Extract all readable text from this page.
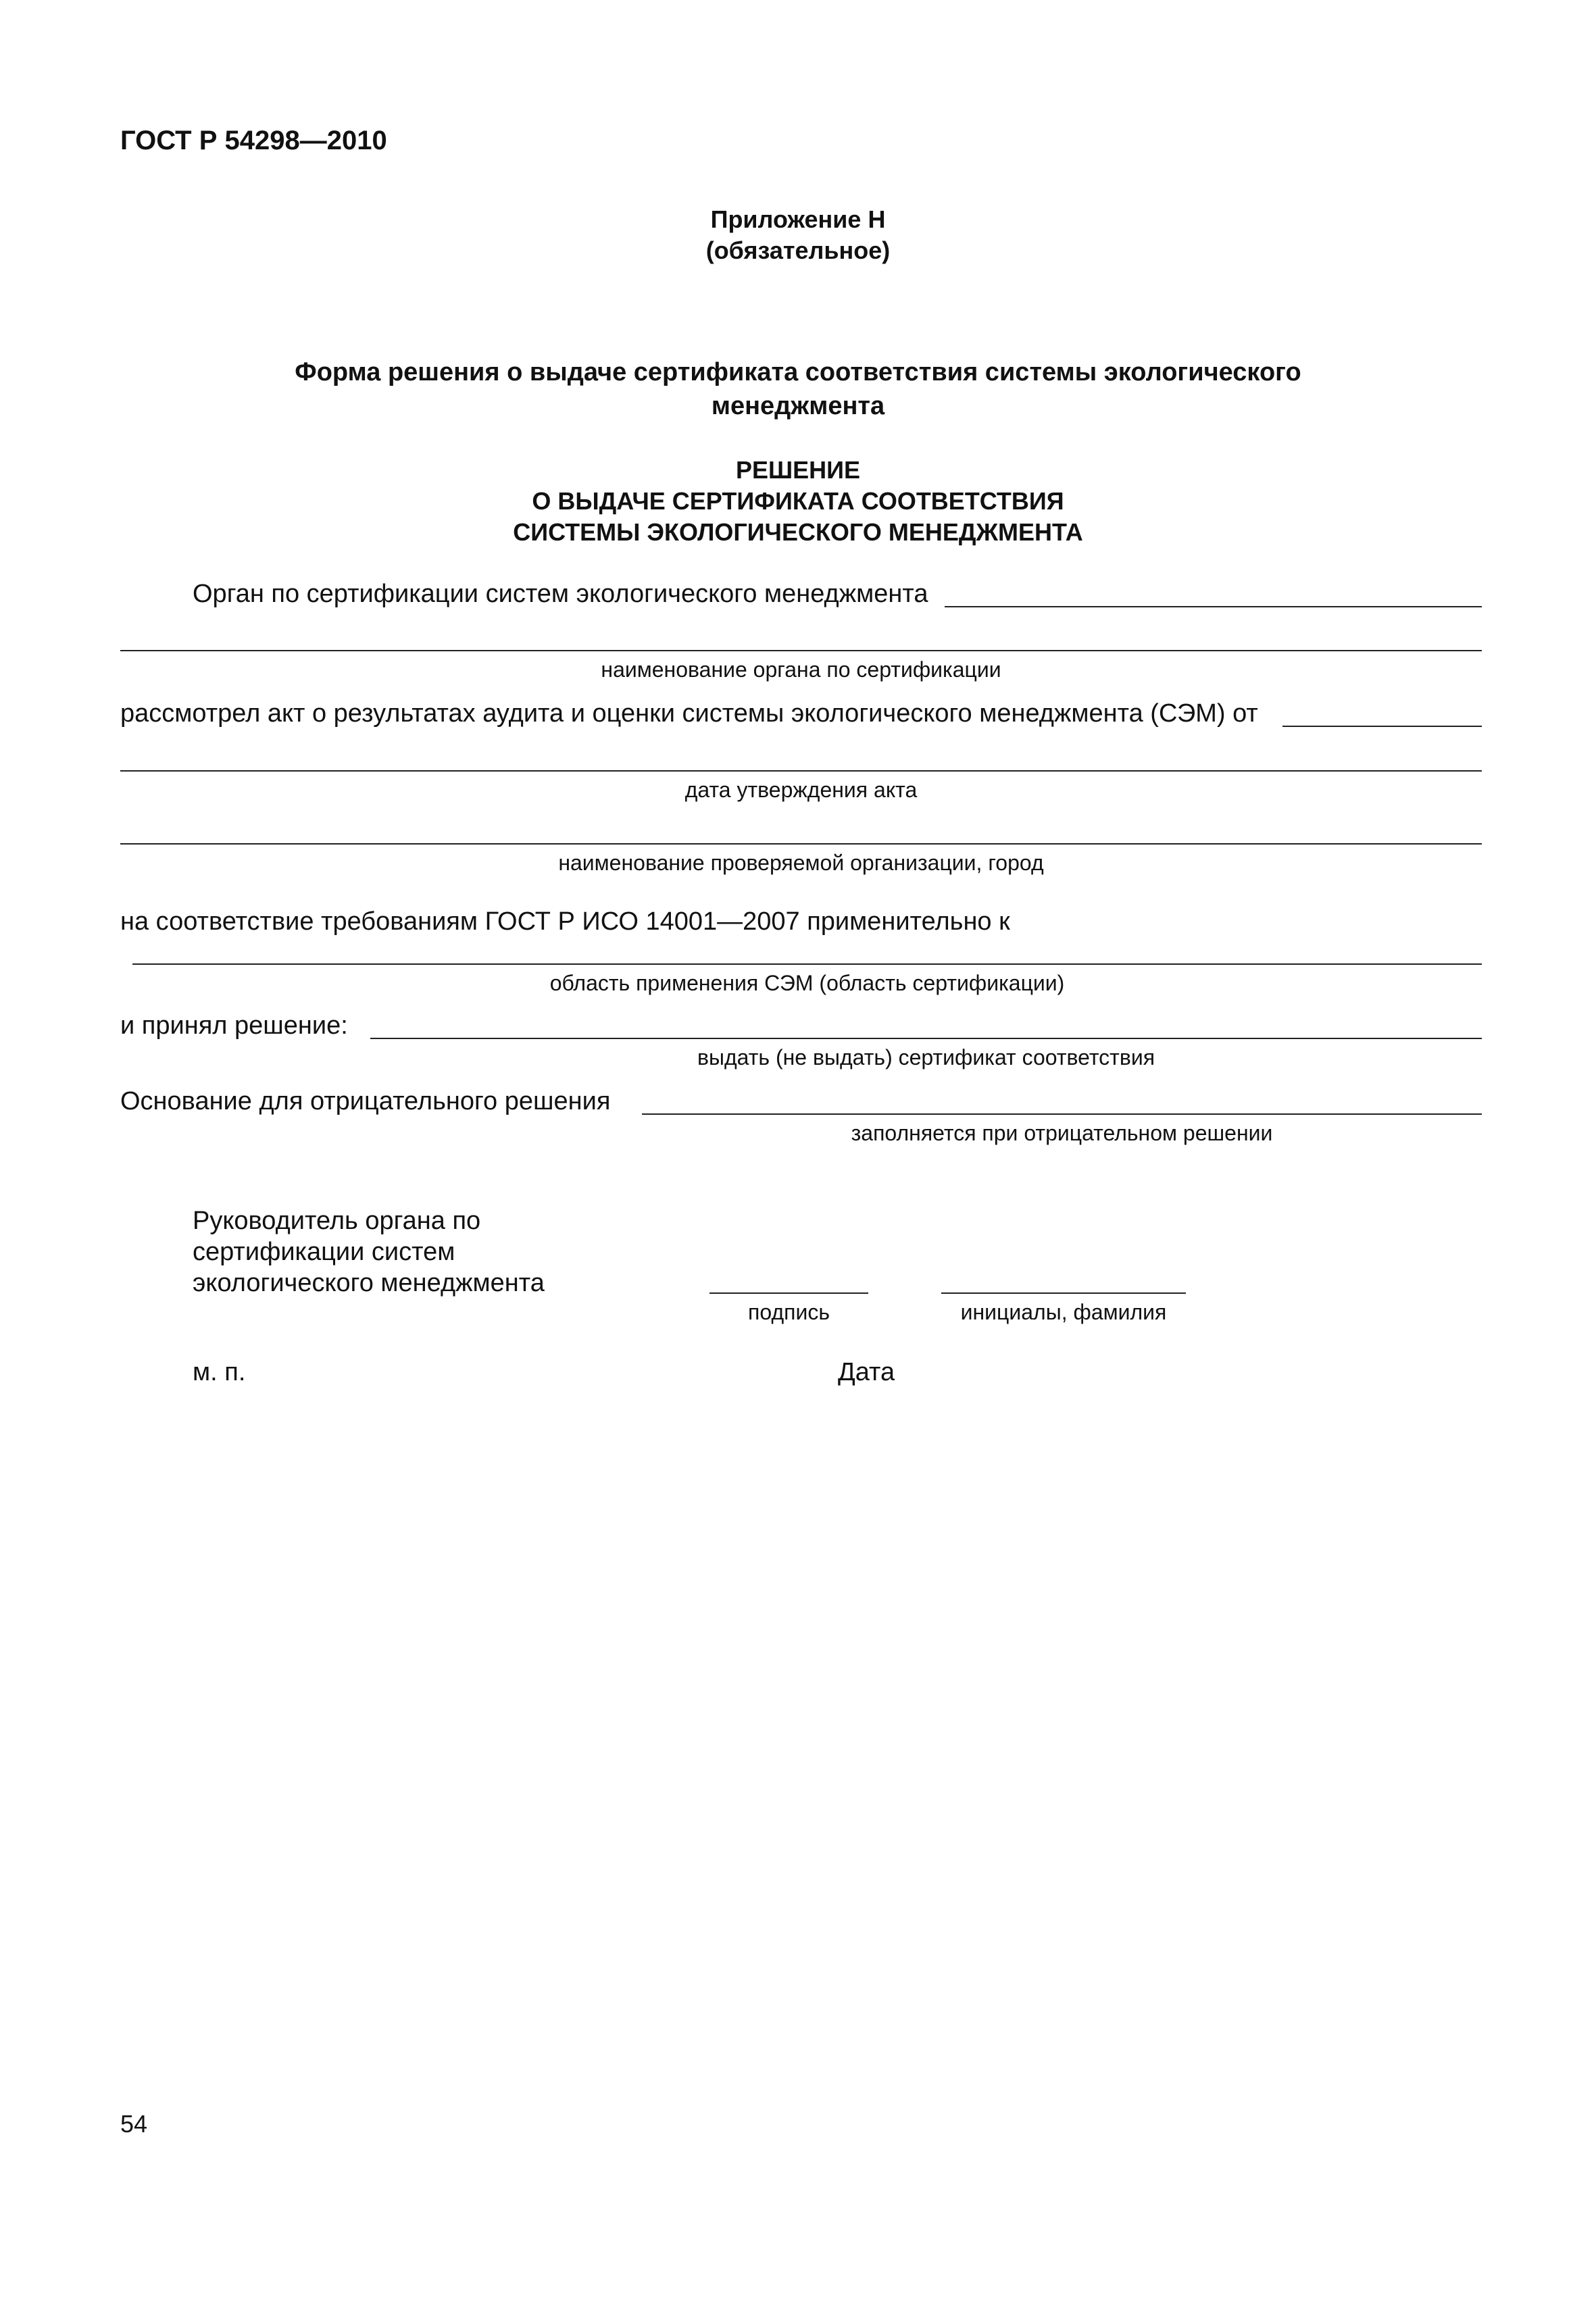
ГОСТ Р 54298—2010
Приложение Н
(обязательное)
Форма решения о выдаче сертификата соответствия системы экологического
менеджмента
РЕШЕНИЕ
О ВЫДАЧЕ СЕРТИФИКАТА СООТВЕТСТВИЯ
СИСТЕМЫ ЭКОЛОГИЧЕСКОГО МЕНЕДЖМЕНТА
Орган по сертификации систем экологического менеджмента
наименование органа по сертификации
рассмотрел акт о результатах аудита и оценки системы экологического менеджмента (СЭМ) от
дата утверждения акта
наименование проверяемой организации, город
на соответствие требованиям ГОСТ Р ИСО 14001—2007 применительно к
область применения СЭМ (область сертификации)
и принял решение:
выдать (не выдать) сертификат соответствия
Основание для отрицательного решения
заполняется при отрицательном решении
Руководитель органа по
сертификации систем
экологического менеджмента
подпись	инициалы, фамилия
м. п.	Дата
54
